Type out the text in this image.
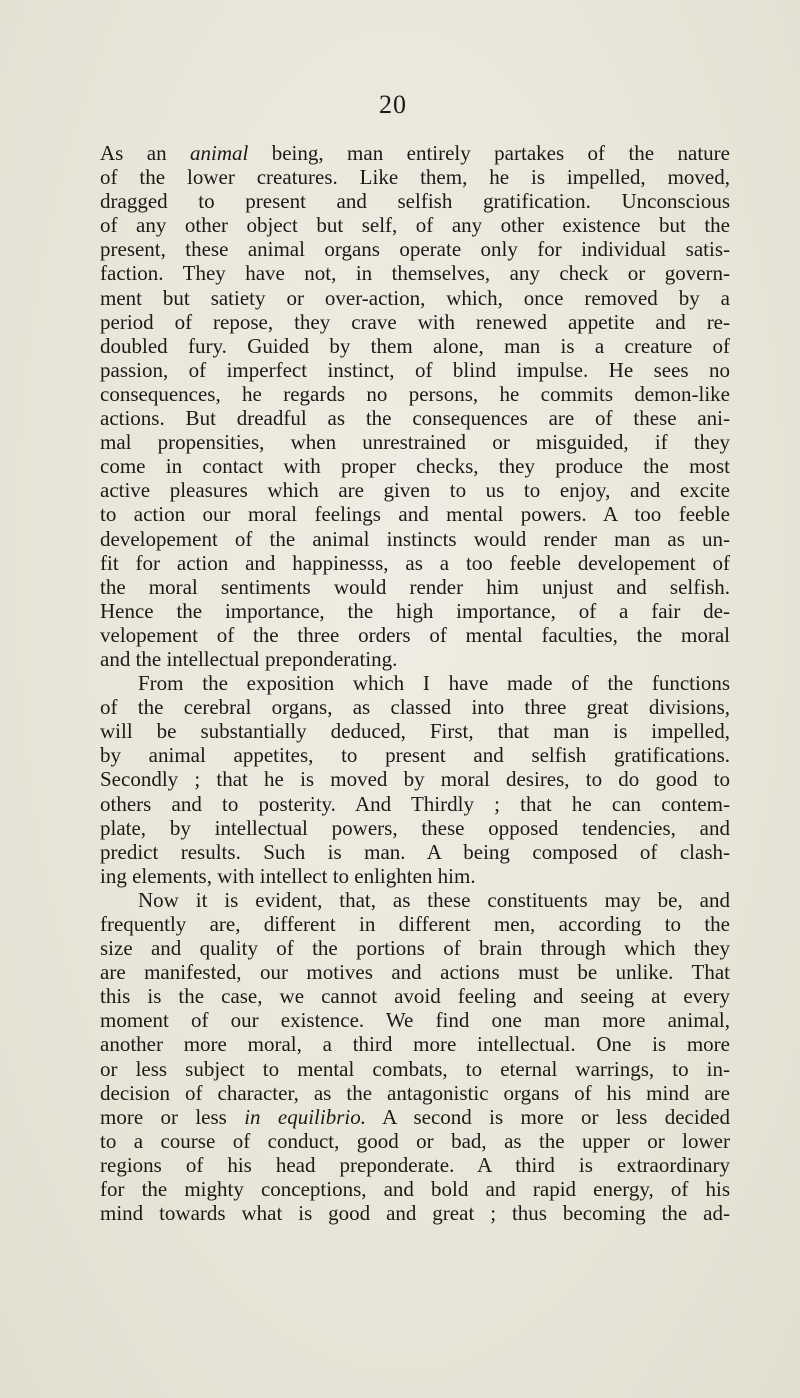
20
As an animal being, man entirely partakes of the nature
of the lower creatures. Like them, he is impelled, moved,
dragged to present and selfish gratification. Unconscious
of any other object but self, of any other existence but the
present, these animal organs operate only for individual satis-
faction. They have not, in themselves, any check or govern-
ment but satiety or over-action, which, once removed by a
period of repose, they crave with renewed appetite and re-
doubled fury. Guided by them alone, man is a creature of
passion, of imperfect instinct, of blind impulse. He sees no
consequences, he regards no persons, he commits demon-like
actions. But dreadful as the consequences are of these ani-
mal propensities, when unrestrained or misguided, if they
come in contact with proper checks, they produce the most
active pleasures which are given to us to enjoy, and excite
to action our moral feelings and mental powers. A too feeble
developement of the animal instincts would render man as un-
fit for action and happinesss, as a too feeble developement of
the moral sentiments would render him unjust and selfish.
Hence the importance, the high importance, of a fair de-
velopement of the three orders of mental faculties, the moral
and the intellectual preponderating.
From the exposition which I have made of the functions
of the cerebral organs, as classed into three great divisions,
will be substantially deduced, First, that man is impelled,
by animal appetites, to present and selfish gratifications.
Secondly ; that he is moved by moral desires, to do good to
others and to posterity. And Thirdly ; that he can contem-
plate, by intellectual powers, these opposed tendencies, and
predict results. Such is man. A being composed of clash-
ing elements, with intellect to enlighten him.
Now it is evident, that, as these constituents may be, and
frequently are, different in different men, according to the
size and quality of the portions of brain through which they
are manifested, our motives and actions must be unlike. That
this is the case, we cannot avoid feeling and seeing at every
moment of our existence. We find one man more animal,
another more moral, a third more intellectual. One is more
or less subject to mental combats, to eternal warrings, to in-
decision of character, as the antagonistic organs of his mind are
more or less in equilibrio. A second is more or less decided
to a course of conduct, good or bad, as the upper or lower
regions of his head preponderate. A third is extraordinary
for the mighty conceptions, and bold and rapid energy, of his
mind towards what is good and great ; thus becoming the ad-
